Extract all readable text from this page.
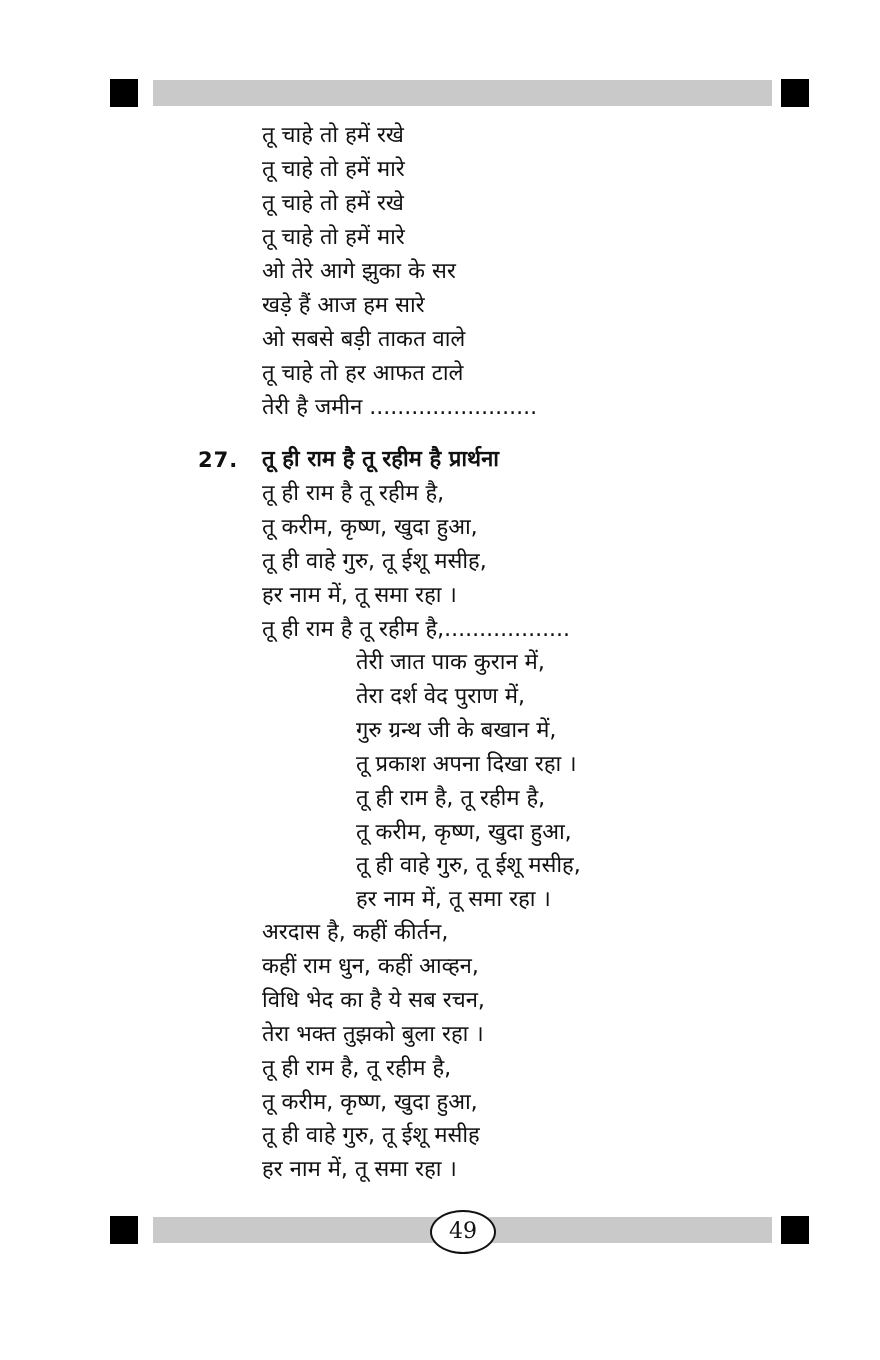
तू चाहे तो हमें रखे
तू चाहे तो हमें मारे
तू चाहे तो हमें रखे
तू चाहे तो हमें मारे
ओ तेरे आगे झुका के सर
खड़े हैं आज हम सारे
ओ सबसे बड़ी ताकत वाले
तू चाहे तो हर आफत टाले
तेरी है जमीन ........................
27. तू ही राम है तू रहीम है प्रार्थना
तू ही राम है तू रहीम है,
तू करीम, कृष्ण, खुदा हुआ,
तू ही वाहे गुरु, तू ईशू मसीह,
हर नाम में, तू समा रहा ।
तू ही राम है तू रहीम है,..................
तेरी जात पाक कुरान में,
तेरा दर्श वेद पुराण में,
गुरु ग्रन्थ जी के बखान में,
तू प्रकाश अपना दिखा रहा ।
तू ही राम है, तू रहीम है,
तू करीम, कृष्ण, खुदा हुआ,
तू ही वाहे गुरु, तू ईशू मसीह,
हर नाम में, तू समा रहा ।
अरदास है, कहीं कीर्तन,
कहीं राम धुन, कहीं आव्हन,
विधि भेद का है ये सब रचन,
तेरा भक्त तुझको बुला रहा ।
तू ही राम है, तू रहीम है,
तू करीम, कृष्ण, खुदा हुआ,
तू ही वाहे गुरु, तू ईशू मसीह
हर नाम में, तू समा रहा ।
49
